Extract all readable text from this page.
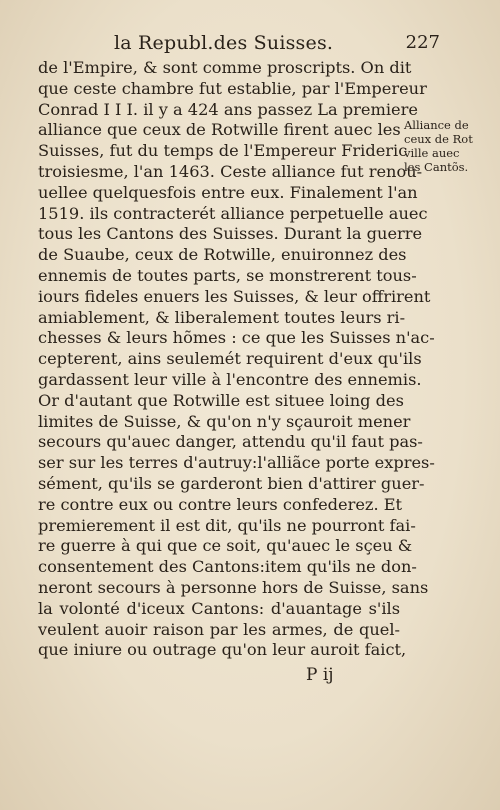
la Republ.des Suisses.	227
de l'Empire, & sont comme proscripts. On dit
que ceste chambre fut establie, par l'Empereur
Conrad I I I. il y a 424 ans passez La premiere
alliance que ceux de Rotwille firent auec les
Suisses, fut du temps de l'Empereur Frideric
troisiesme, l'an 1463. Ceste alliance fut renou-
uellee quelquesfois entre eux. Finalement l'an
1519. ils contracterét alliance perpetuelle auec
tous les Cantons des Suisses. Durant la guerre
de Suaube, ceux de Rotwille, enuironnez des
ennemis de toutes parts, se monstrerent tous-
iours fideles enuers les Suisses, & leur offrirent
amiablement, & liberalement toutes leurs ri-
chesses & leurs hõmes : ce que les Suisses n'ac-
cepterent, ains seulemét requirent d'eux qu'ils
gardassent leur ville à l'encontre des ennemis.
Or d'autant que Rotwille est situee loing des
limites de Suisse, & qu'on n'y sçauroit mener
secours qu'auec danger, attendu qu'il faut pas-
ser sur les terres d'autruy:l'alliãce porte expres-
sément, qu'ils se garderont bien d'attirer guer-
re contre eux ou contre leurs confederez. Et
premierement il est dit, qu'ils ne pourront fai-
re guerre à qui que ce soit, qu'auec le sçeu &
consentement des Cantons:item qu'ils ne don-
neront secours à personne hors de Suisse, sans
la volonté d'iceux Cantons: d'auantage s'ils
veulent auoir raison par les armes, de quel-
que iniure ou outrage qu'on leur auroit faict,
Alliance de
ceux de Rot
ville auec
les Cantõs.
P ij
